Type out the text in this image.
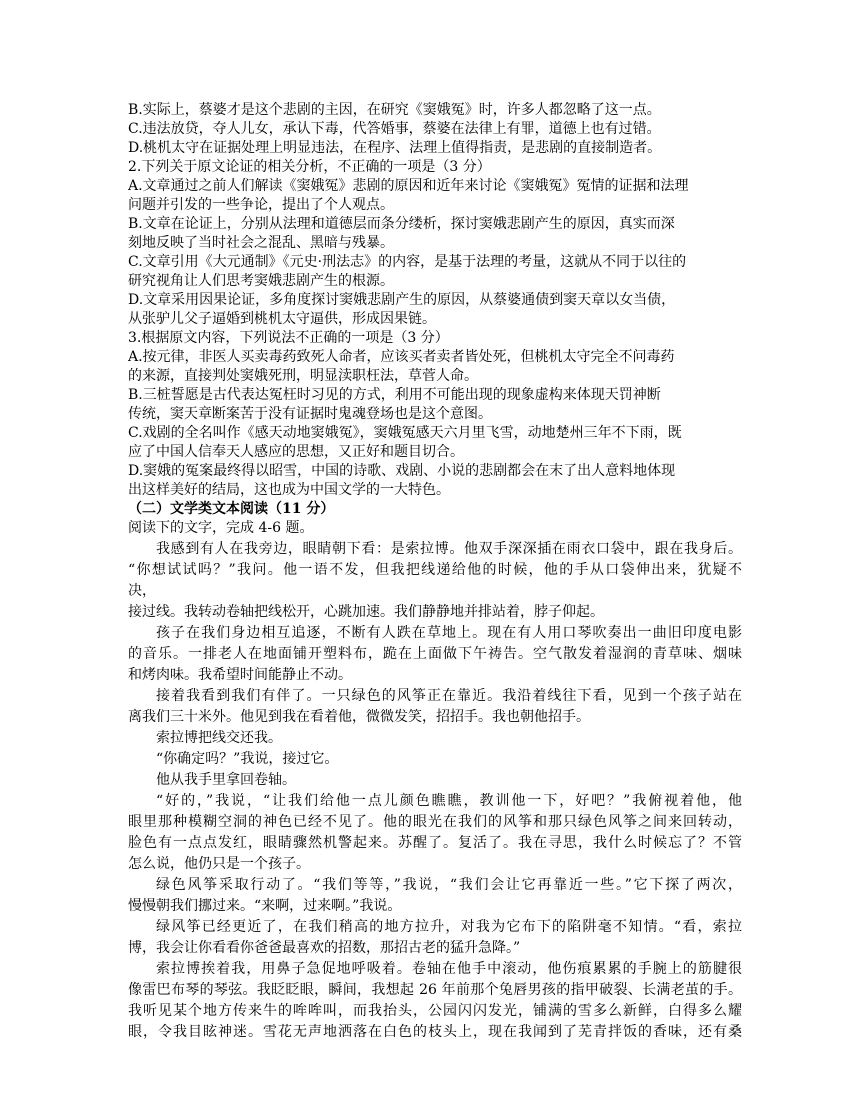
B.实际上，蔡婆才是这个悲剧的主因，在研究《窦娥冤》时，许多人都忽略了这一点。
C.违法放贷，夺人儿女，承认下毒，代答婚事，蔡婆在法律上有罪，道德上也有过错。
D.桃机太守在证据处理上明显违法，在程序、法理上值得指责，是悲剧的直接制造者。
2.下列关于原文论证的相关分析，不正确的一项是（3 分）
A.文章通过之前人们解读《窦娥冤》悲剧的原因和近年来讨论《窦娥冤》冤情的证据和法理
问题并引发的一些争论，提出了个人观点。
B.文章在论证上，分别从法理和道德层而条分缕析，探讨窦娥悲剧产生的原因，真实而深
刻地反映了当时社会之混乱、黑暗与残暴。
C.文章引用《大元通制》《元史·刑法志》的内容，是基于法理的考量，这就从不同于以往的
研究视角让人们思考窦娥悲剧产生的根源。
D.文章采用因果论证，多角度探讨窦娥悲剧产生的原因，从蔡婆通债到窦天章以女当债，
从张驴儿父子逼婚到桃机太守逼供，形成因果链。
3.根据原文内容，下列说法不正确的一项是（3 分）
A.按元律，非医人买卖毒药致死人命者，应该买者卖者皆处死，但桃机太守完全不问毒药
的来源，直接判处窦娥死刑，明显渎职枉法，草菅人命。
B.三桩誓愿是古代表达冤枉时习见的方式，利用不可能出现的现象虚构来体现天罚神断
传统，窦天章断案苦于没有证据时鬼魂登场也是这个意图。
C.戏剧的全名叫作《感天动地窦娥冤》，窦娥冤感天六月里飞雪，动地楚州三年不下雨，既
应了中国人信奉天人感应的思想，又正好和题目切合。
D.窦娥的冤案最终得以昭雪，中国的诗歌、戏剧、小说的悲剧都会在末了出人意料地体现
出这样美好的结局，这也成为中国文学的一大特色。
（二）文学类文本阅读（11 分）
阅读下的文字，完成 4-6 题。
我感到有人在我旁边，眼睛朝下看：是索拉博。他双手深深插在雨衣口袋中，跟在我身后。
“你想试试吗？”我问。他一语不发，但我把线递给他的时候，他的手从口袋伸出来，犹疑不
决，
接过线。我转动卷轴把线松开，心跳加速。我们静静地并排站着，脖子仰起。
孩子在我们身边相互追逐，不断有人跌在草地上。现在有人用口琴吹奏出一曲旧印度电影
的音乐。一排老人在地面铺开塑料布，跪在上面做下午祷告。空气散发着湿润的青草味、烟味
和烤肉味。我希望时间能静止不动。
接着我看到我们有伴了。一只绿色的风筝正在靠近。我沿着线往下看，见到一个孩子站在
离我们三十米外。他见到我在看着他，微微发笑，招招手。我也朝他招手。
索拉博把线交还我。
“你确定吗？”我说，接过它。
他从我手里拿回卷轴。
“好的，”我说，“让我们给他一点儿颜色瞧瞧，教训他一下，好吧？”我俯视着他，他
眼里那种模糊空洞的神色已经不见了。他的眼光在我们的风筝和那只绿色风筝之间来回转动，
脸色有一点点发红，眼睛骤然机警起来。苏醒了。复活了。我在寻思，我什么时候忘了？不管
怎么说，他仍只是一个孩子。
绿色风筝采取行动了。“我们等等，”我说，“我们会让它再靠近一些。”它下探了两次，
慢慢朝我们挪过来。“来啊，过来啊。”我说。
绿风筝已经更近了，在我们稍高的地方拉升，对我为它布下的陷阱毫不知情。“看，索拉
博，我会让你看看你爸爸最喜欢的招数，那招古老的猛升急降。”
索拉博挨着我，用鼻子急促地呼吸着。卷轴在他手中滚动，他伤痕累累的手腕上的筋腱很
像雷巴布琴的琴弦。我眨眨眼，瞬间，我想起 26 年前那个兔唇男孩的指甲破裂、长满老茧的手。
我听见某个地方传来牛的哞哞叫，而我抬头，公园闪闪发光，铺满的雪多么新鲜，白得多么耀
眼，令我目眩神迷。雪花无声地洒落在白色的枝头上，现在我闻到了芜青拌饭的香味，还有桑
